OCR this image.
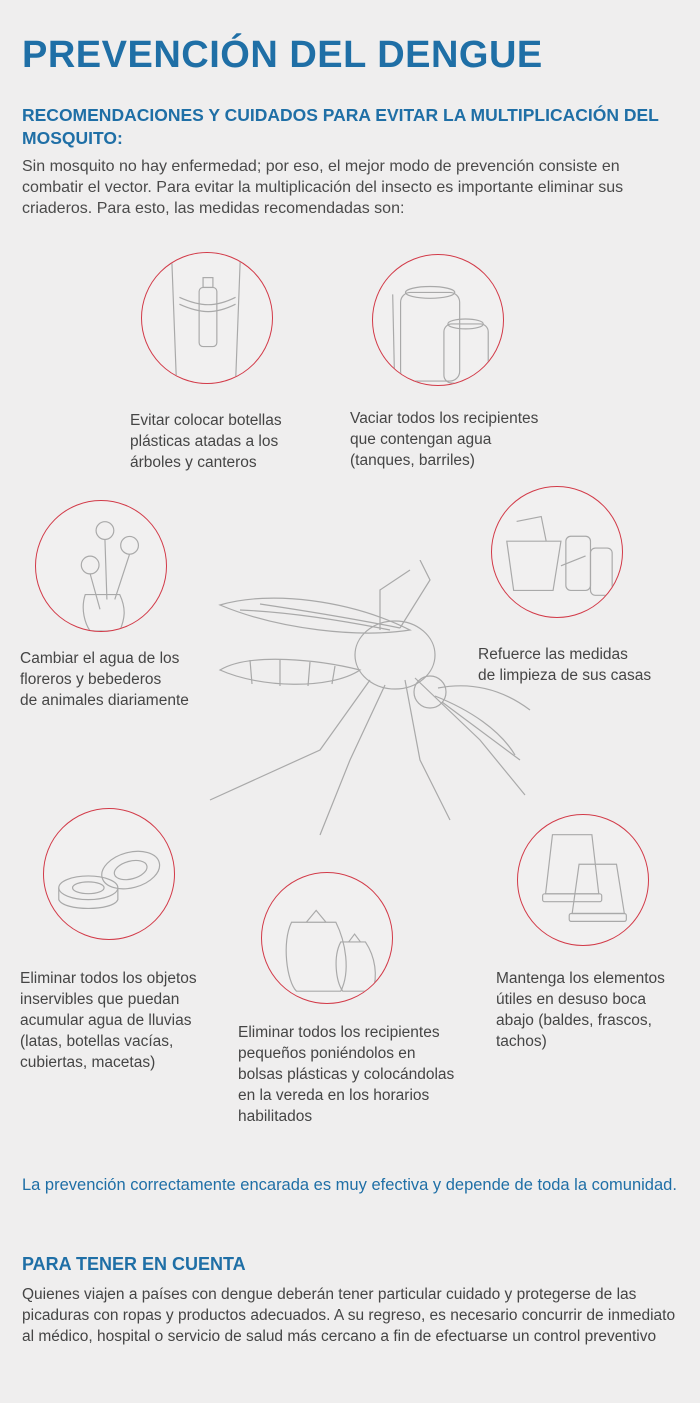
PREVENCIÓN DEL DENGUE
RECOMENDACIONES Y CUIDADOS PARA EVITAR LA MULTIPLICACIÓN DEL MOSQUITO:

Sin mosquito no hay enfermedad; por eso, el mejor modo de prevención consiste en combatir el vector. Para evitar la multiplicación del insecto es importante eliminar sus criaderos. Para esto, las medidas recomendadas son:

Evitar colocar botellas
plásticas atadas a los
árboles y canteros

Vaciar todos los recipientes
que contengan agua
(tanques, barriles)

Cambiar el agua de los
floreros y bebederos
de animales diariamente

Refuerce las medidas
de limpieza de sus casas

Eliminar todos los objetos
inservibles que puedan
acumular agua de lluvias
(latas, botellas vacías,
cubiertas, macetas)

Eliminar todos los recipientes
pequeños poniéndolos en
bolsas plásticas y colocándolas
en la vereda en los horarios
habilitados

Mantenga los elementos
útiles en desuso boca
abajo (baldes, frascos,
tachos)

La prevención correctamente encarada es muy efectiva y depende de toda la comunidad.

PARA TENER EN CUENTA

Quienes viajen a países con dengue deberán tener particular cuidado y protegerse de las picaduras con ropas y productos adecuados. A su regreso, es necesario concurrir de inmediato al médico, hospital o servicio de salud más cercano a fin de efectuarse un control preventivo
